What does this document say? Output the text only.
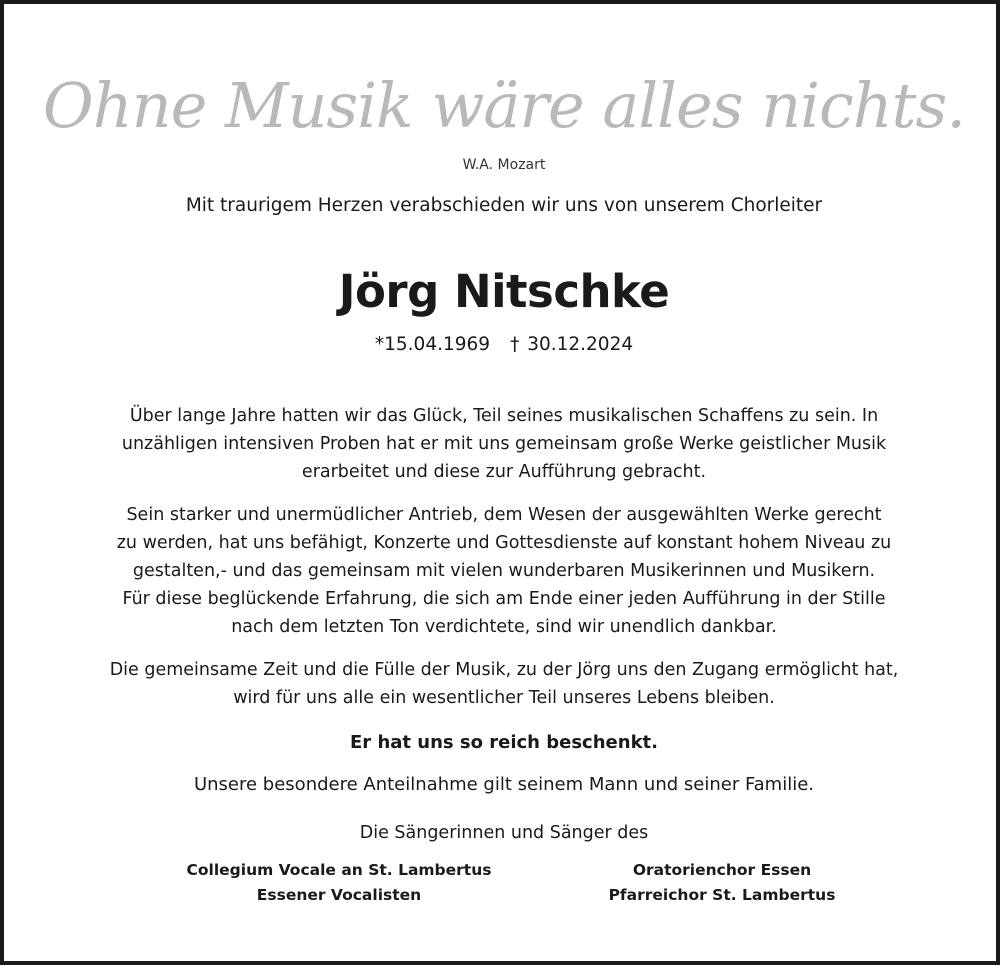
Ohne Musik wäre alles nichts.
W.A. Mozart
Mit traurigem Herzen verabschieden wir uns von unserem Chorleiter
Jörg Nitschke
*15.04.1969 † 30.12.2024
Über lange Jahre hatten wir das Glück, Teil seines musikalischen Schaffens zu sein. In
unzähligen intensiven Proben hat er mit uns gemeinsam große Werke geistlicher Musik
erarbeitet und diese zur Aufführung gebracht.
Sein starker und unermüdlicher Antrieb, dem Wesen der ausgewählten Werke gerecht
zu werden, hat uns befähigt, Konzerte und Gottesdienste auf konstant hohem Niveau zu
gestalten,- und das gemeinsam mit vielen wunderbaren Musikerinnen und Musikern.
Für diese beglückende Erfahrung, die sich am Ende einer jeden Aufführung in der Stille
nach dem letzten Ton verdichtete, sind wir unendlich dankbar.
Die gemeinsame Zeit und die Fülle der Musik, zu der Jörg uns den Zugang ermöglicht hat,
wird für uns alle ein wesentlicher Teil unseres Lebens bleiben.
Er hat uns so reich beschenkt.
Unsere besondere Anteilnahme gilt seinem Mann und seiner Familie.
Die Sängerinnen und Sänger des
Collegium Vocale an St. Lambertus
Essener Vocalisten
Oratorienchor Essen
Pfarreichor St. Lambertus
